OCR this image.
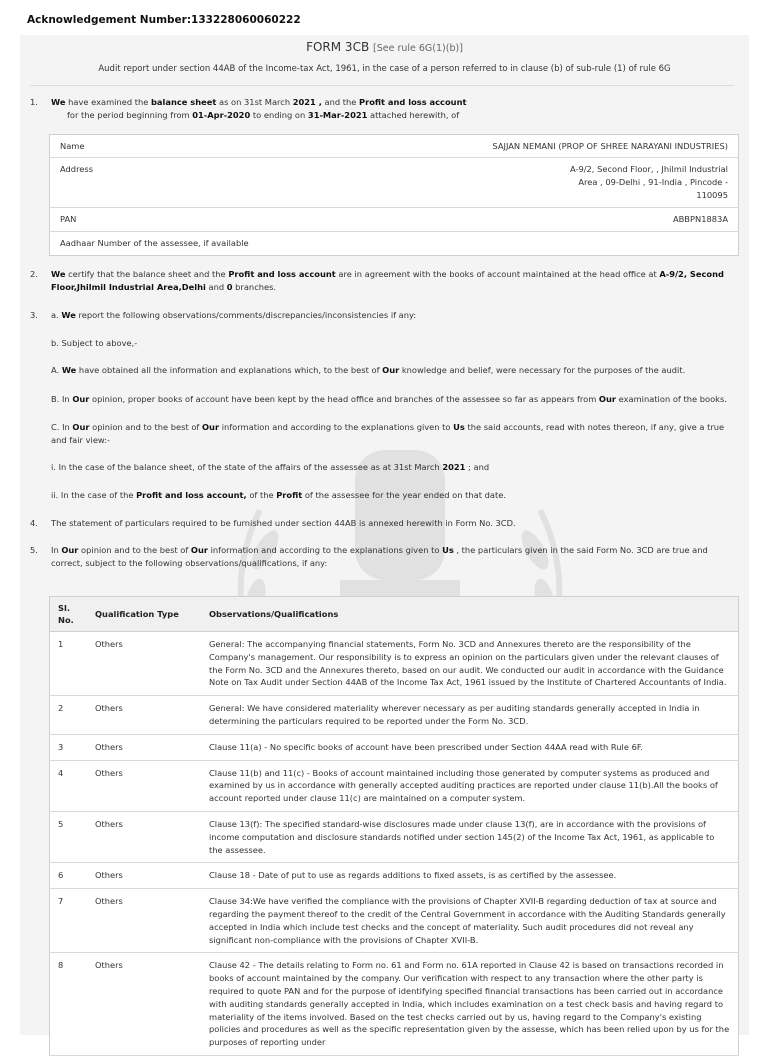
Acknowledgement Number:133228060060222
FORM 3CB [See rule 6G(1)(b)]
Audit report under section 44AB of the Income-tax Act, 1961, in the case of a person referred to in clause (b) of sub-rule (1) of rule 6G
1. We have examined the balance sheet as on 31st March 2021 , and the Profit and loss account
for the period beginning from 01-Apr-2020 to ending on 31-Mar-2021 attached herewith, of
Name	SAJJAN NEMANI (PROP OF SHREE NARAYANI INDUSTRIES)
Address	A-9/2, Second Floor, , Jhilmil Industrial
Area , 09-Delhi , 91-India , Pincode -
110095

PAN	ABBPN1883A
Aadhaar Number of the assessee, if available	
2. We certify that the balance sheet and the Profit and loss account are in agreement with the books of account maintained at the head office at A-9/2, Second Floor,Jhilmil Industrial Area,Delhi and 0 branches.
3. a. We report the following observations/comments/discrepancies/inconsistencies if any:
b. Subject to above,-
A. We have obtained all the information and explanations which, to the best of Our knowledge and belief, were necessary for the purposes of the audit.
B. In Our opinion, proper books of account have been kept by the head office and branches of the assessee so far as appears from Our examination of the books.
C. In Our opinion and to the best of Our information and according to the explanations given to Us the said accounts, read with notes thereon, if any, give a true and fair view:-
i. In the case of the balance sheet, of the state of the affairs of the assessee as at 31st March 2021 ; and
ii. In the case of the Profit and loss account, of the Profit of the assessee for the year ended on that date.
4. The statement of particulars required to be furnished under section 44AB is annexed herewith in Form No. 3CD.
5. In Our opinion and to the best of Our information and according to the explanations given to Us , the particulars given in the said Form No. 3CD are true and correct, subject to the following observations/qualifications, if any:
Sl. No.	Qualification Type	Observations/Qualifications
1	Others	General: The accompanying financial statements, Form No. 3CD and Annexures thereto are the responsibility of the Company's management. Our responsibility is to express an opinion on the particulars given under the relevant clauses of the Form No. 3CD and the Annexures thereto, based on our audit. We conducted our audit in accordance with the Guidance Note on Tax Audit under Section 44AB of the Income Tax Act, 1961 issued by the Institute of Chartered Accountants of India.
2	Others	General: We have considered materiality wherever necessary as per auditing standards generally accepted in India in determining the particulars required to be reported under the Form No. 3CD.
3	Others	Clause 11(a) - No specific books of account have been prescribed under Section 44AA read with Rule 6F.
4	Others	Clause 11(b) and 11(c) - Books of account maintained including those generated by computer systems as produced and examined by us in accordance with generally accepted auditing practices are reported under clause 11(b).All the books of account reported under clause 11(c) are maintained on a computer system.
5	Others	Clause 13(f): The specified standard-wise disclosures made under clause 13(f), are in accordance with the provisions of income computation and disclosure standards notified under section 145(2) of the Income Tax Act, 1961, as applicable to the assessee.
6	Others	Clause 18 - Date of put to use as regards additions to fixed assets, is as certified by the assessee.
7	Others	Clause 34:We have verified the compliance with the provisions of Chapter XVII-B regarding deduction of tax at source and regarding the payment thereof to the credit of the Central Government in accordance with the Auditing Standards generally accepted in India which include test checks and the concept of materiality. Such audit procedures did not reveal any significant non-compliance with the provisions of Chapter XVII-B.
8	Others	Clause 42 - The details relating to Form no. 61 and Form no. 61A reported in Clause 42 is based on transactions recorded in books of account maintained by the company. Our verification with respect to any transaction where the other party is required to quote PAN and for the purpose of identifying specified financial transactions has been carried out in accordance with auditing standards generally accepted in India, which includes examination on a test check basis and having regard to materiality of the items involved. Based on the test checks carried out by us, having regard to the Company's existing policies and procedures as well as the specific representation given by the assesse, which has been relied upon by us for the purposes of reporting under
